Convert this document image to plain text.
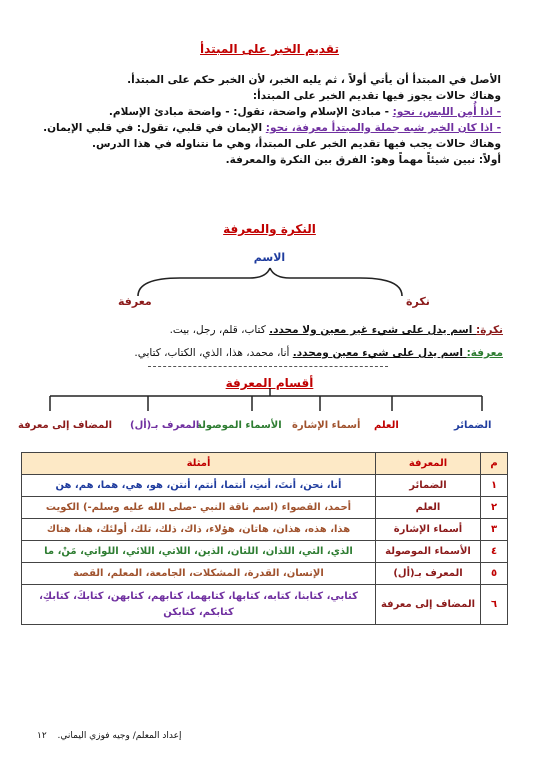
تقديم الخبر على المبتدأ
الأصل في المبتدأ أن يأتي أولاً ، ثم يليه الخبر، لأن الخبر حكم على المبتدأ.
وهناك حالات يجوز فيها تقديم الخبر على المبتدأ:
- اذا أُمِن اللبس، نحو: - مبادئ الإسلام واضحة، تقول: - واضحة مبادئ الإسلام.
- اذا كان الخبر شبه جملة والمبتدأ معرفة، نحو: الإيمان في قلبي، تقول: في قلبي الإيمان.
وهناك حالات يجب فيها تقديم الخبر على المبتدأ، وهي ما نتناوله في هذا الدرس.
أولاً: نبين شيئاً مهماً وهو: الفرق بين النكرة والمعرفة.
النكرة والمعرفة
الاسم
معرفة	نكرة
نكرة: اسم يدل على شيء غير معين ولا محدد. كتاب، قلم، رجل، بيت.
معرفة: اسم يدل على شيء معين ومحدد. أنا، محمد، هذا، الذي، الكتاب، كتابي.
أقسام المعرفة
الضمائر
العلم
أسماء الإشارة
الأسماء الموصولة
المعرف بـ(أل)
المضاف إلى معرفة
م	المعرفة	أمثلة
١	الضمائر	أنا، نحن، أنتَ، أنتِ، أنتما، أنتم، أنتن، هو، هي، هما، هم، هن
٢	العلم	أحمد، القصواء (اسم ناقة النبي -صلى الله عليه وسلم-) الكويت
٣	أسماء الإشارة	هذا، هذه، هذان، هاتان، هؤلاء، ذاك، ذلك، تلك، أولئك، هنا، هناك
٤	الأسماء الموصولة	الذي، التي، اللذان، اللتان، الذين، اللاتي، اللائي، اللواتي، مَنْ، ما
٥	المعرف بـ(أل)	الإنسان، القدرة، المشكلات، الجامعة، المعلم، القصة
٦	المضاف إلى معرفة	كتابي، كتابنا، كتابه، كتابها، كتابهما، كتابهم، كتابهن، كتابكَ، كتابكِ، كتابكم، كتابكن
إعداد المعلم/ وجيه فوزي اليماني. ١٢
